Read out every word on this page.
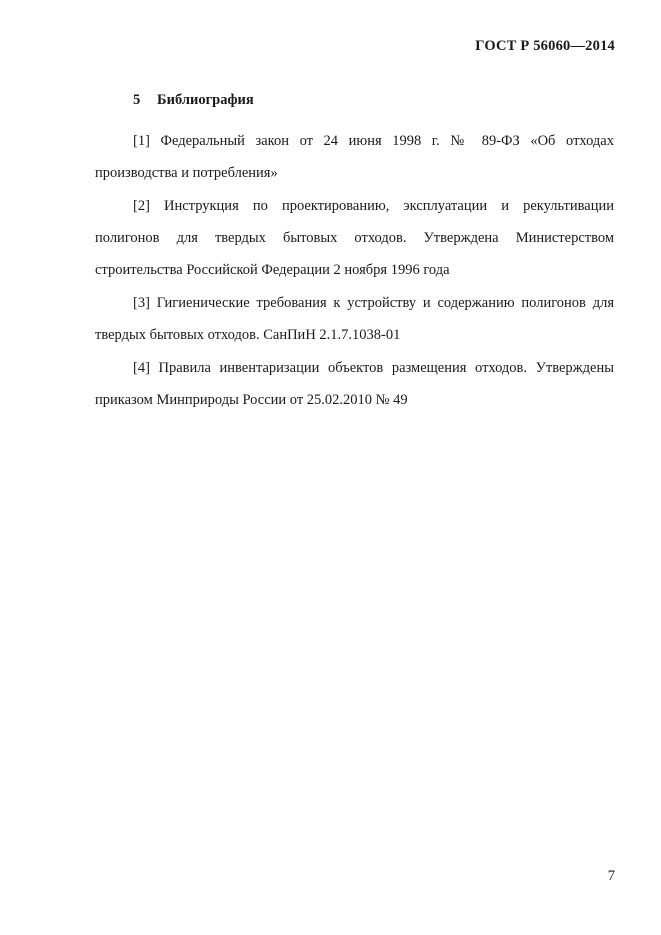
ГОСТ Р 56060—2014
5 Библиография

[1] Федеральный закон от 24 июня 1998 г. № 89-ФЗ «Об отходах производства и потребления»

[2] Инструкция по проектированию, эксплуатации и рекультивации полигонов для твердых бытовых отходов. Утверждена Министерством строительства Российской Федерации 2 ноября 1996 года

[3] Гигиенические требования к устройству и содержанию полигонов для твердых бытовых отходов. СанПиН 2.1.7.1038-01

[4] Правила инвентаризации объектов размещения отходов. Утверждены приказом Минприроды России от 25.02.2010 № 49

7
